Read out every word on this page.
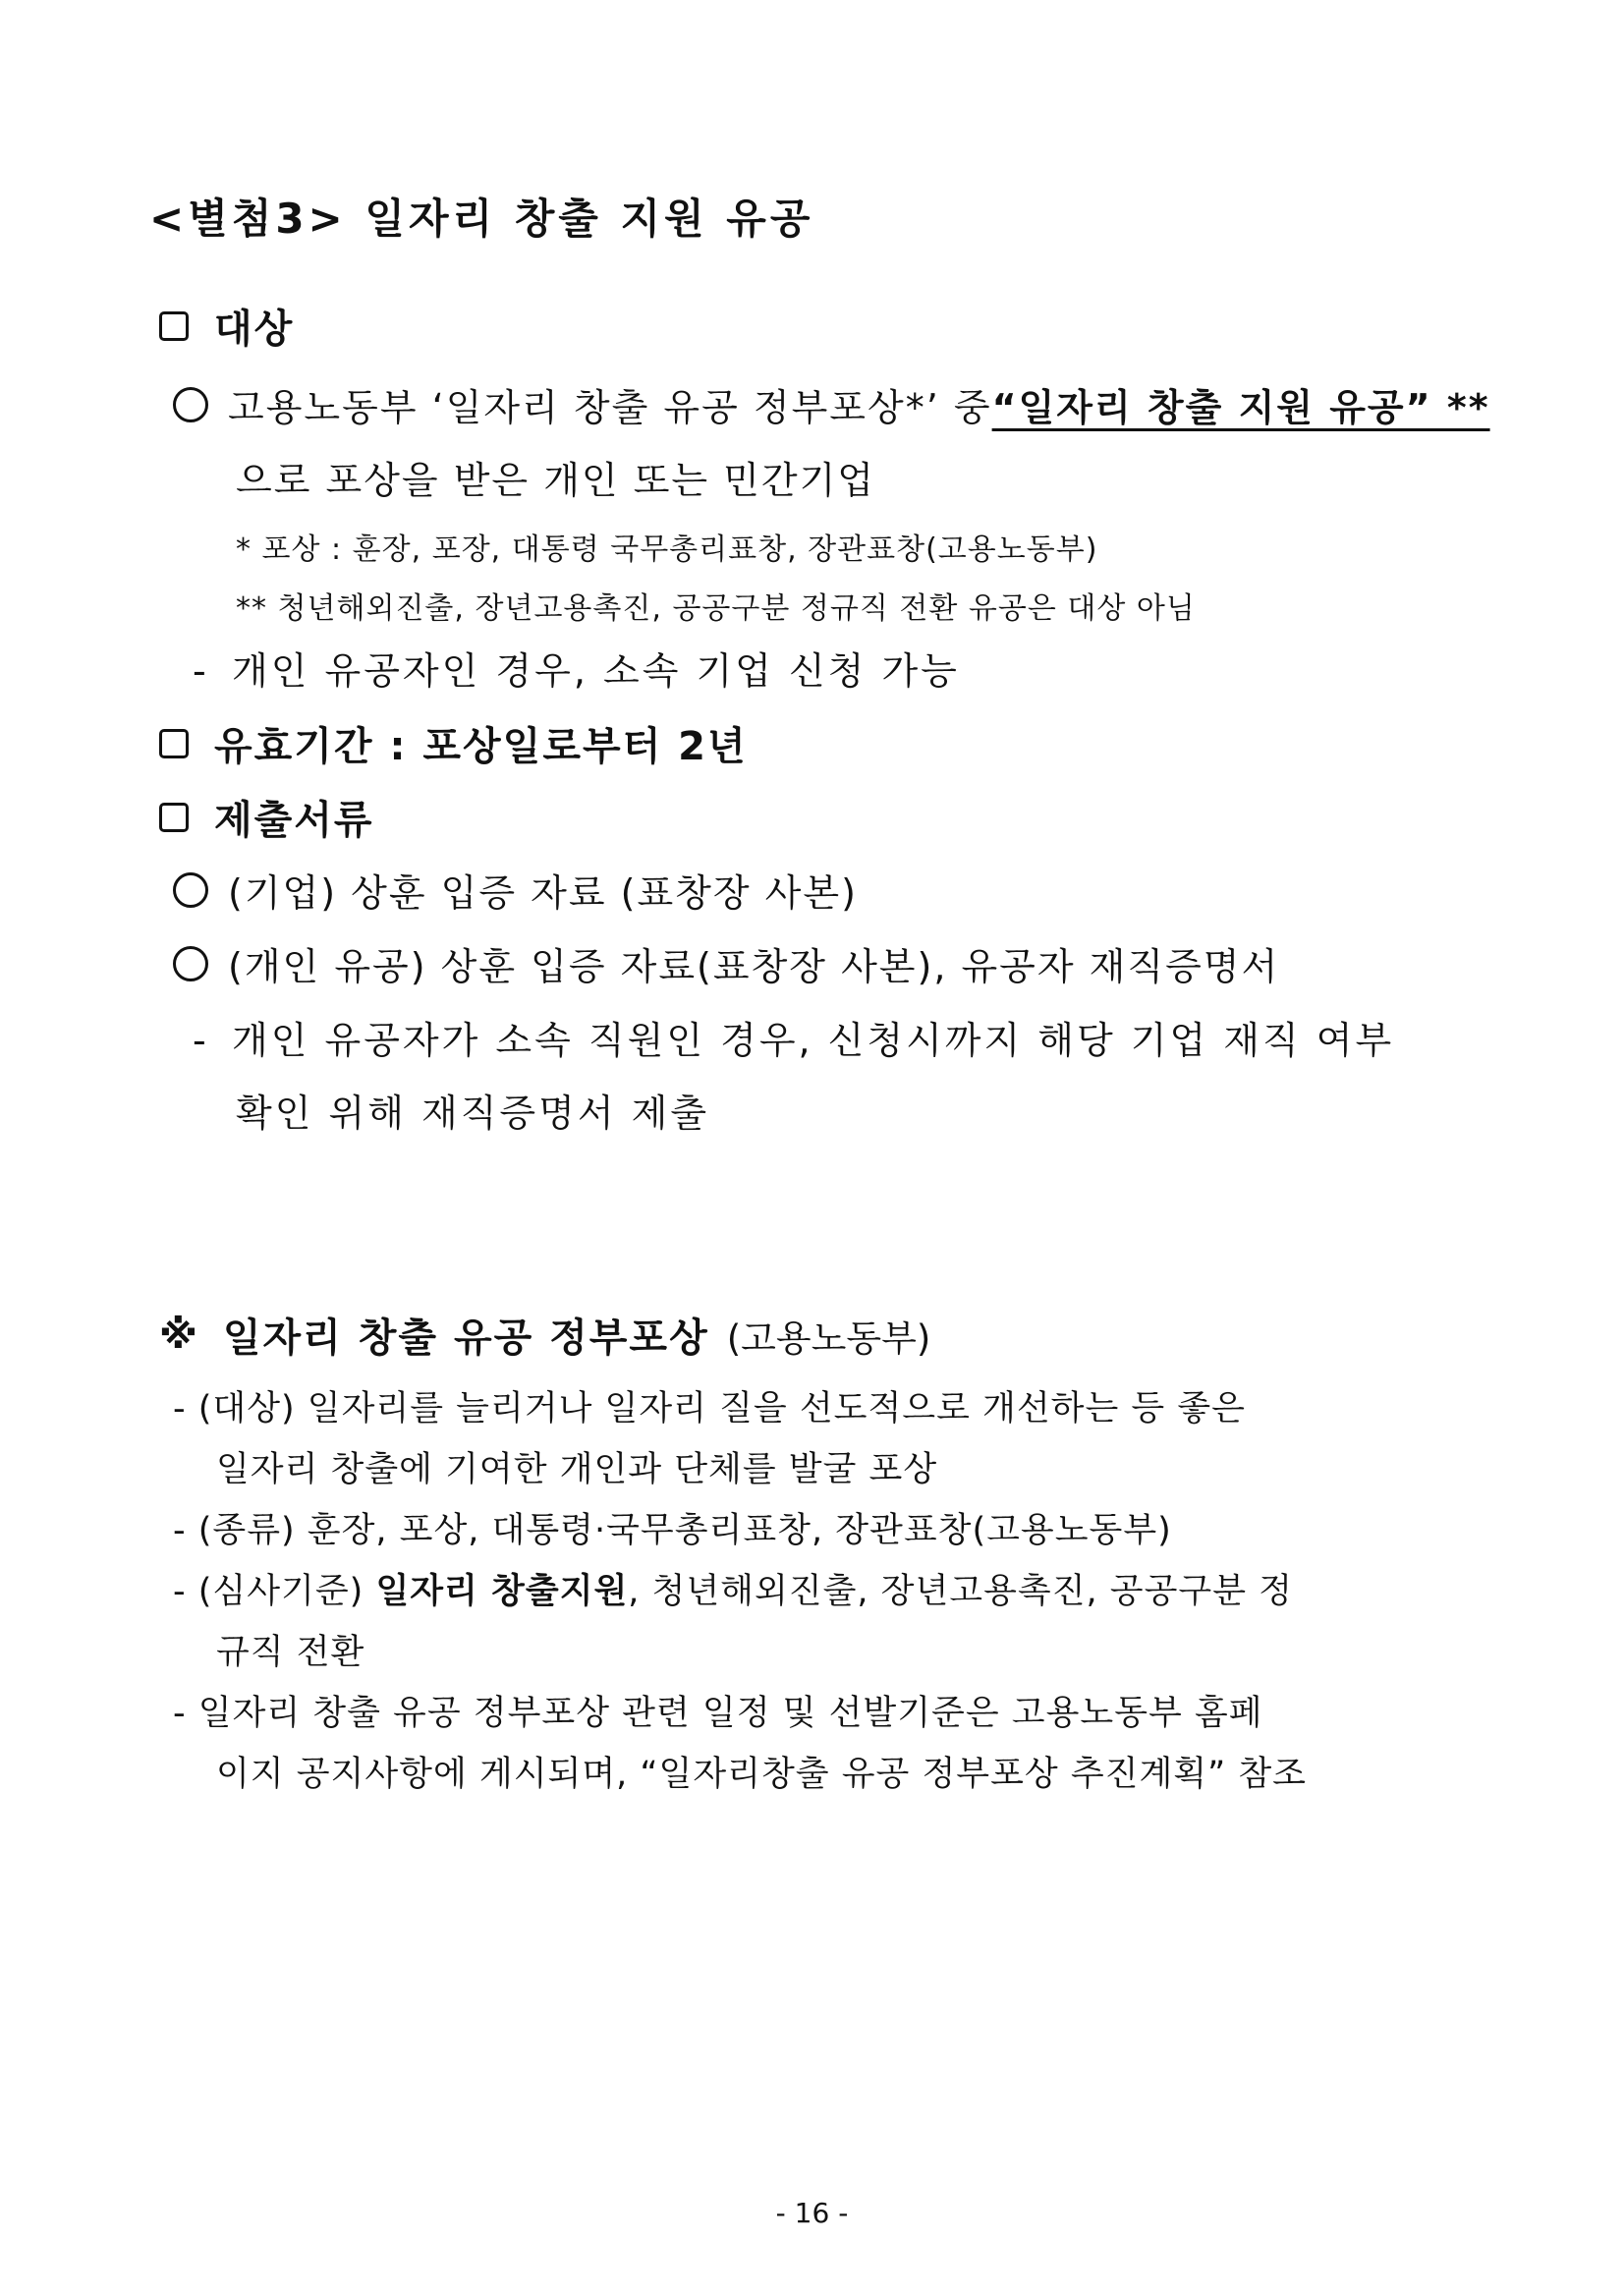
<별첨3> 일자리 창출 지원 유공
대상
고용노동부 ‘일자리 창출 유공 정부포상*’ 중 “일자리 창출 지원 유공” **
으로 포상을 받은 개인 또는 민간기업
* 포상 : 훈장, 포장, 대통령 국무총리표창, 장관표창(고용노동부)
** 청년해외진출, 장년고용촉진, 공공구분 정규직 전환 유공은 대상 아님
- 개인 유공자인 경우, 소속 기업 신청 가능
유효기간 : 포상일로부터 2년
제출서류
(기업) 상훈 입증 자료 (표창장 사본)
(개인 유공) 상훈 입증 자료(표창장 사본), 유공자 재직증명서
- 개인 유공자가 소속 직원인 경우, 신청시까지 해당 기업 재직 여부
확인 위해 재직증명서 제출
※ 일자리 창출 유공 정부포상 (고용노동부)
- (대상) 일자리를 늘리거나 일자리 질을 선도적으로 개선하는 등 좋은
일자리 창출에 기여한 개인과 단체를 발굴 포상
- (종류) 훈장, 포상, 대통령·국무총리표창, 장관표창(고용노동부)
- (심사기준) 일자리 창출지원, 청년해외진출, 장년고용촉진, 공공구분 정
규직 전환
- 일자리 창출 유공 정부포상 관련 일정 및 선발기준은 고용노동부 홈페
이지 공지사항에 게시되며, “일자리창출 유공 정부포상 추진계획” 참조
- 16 -
